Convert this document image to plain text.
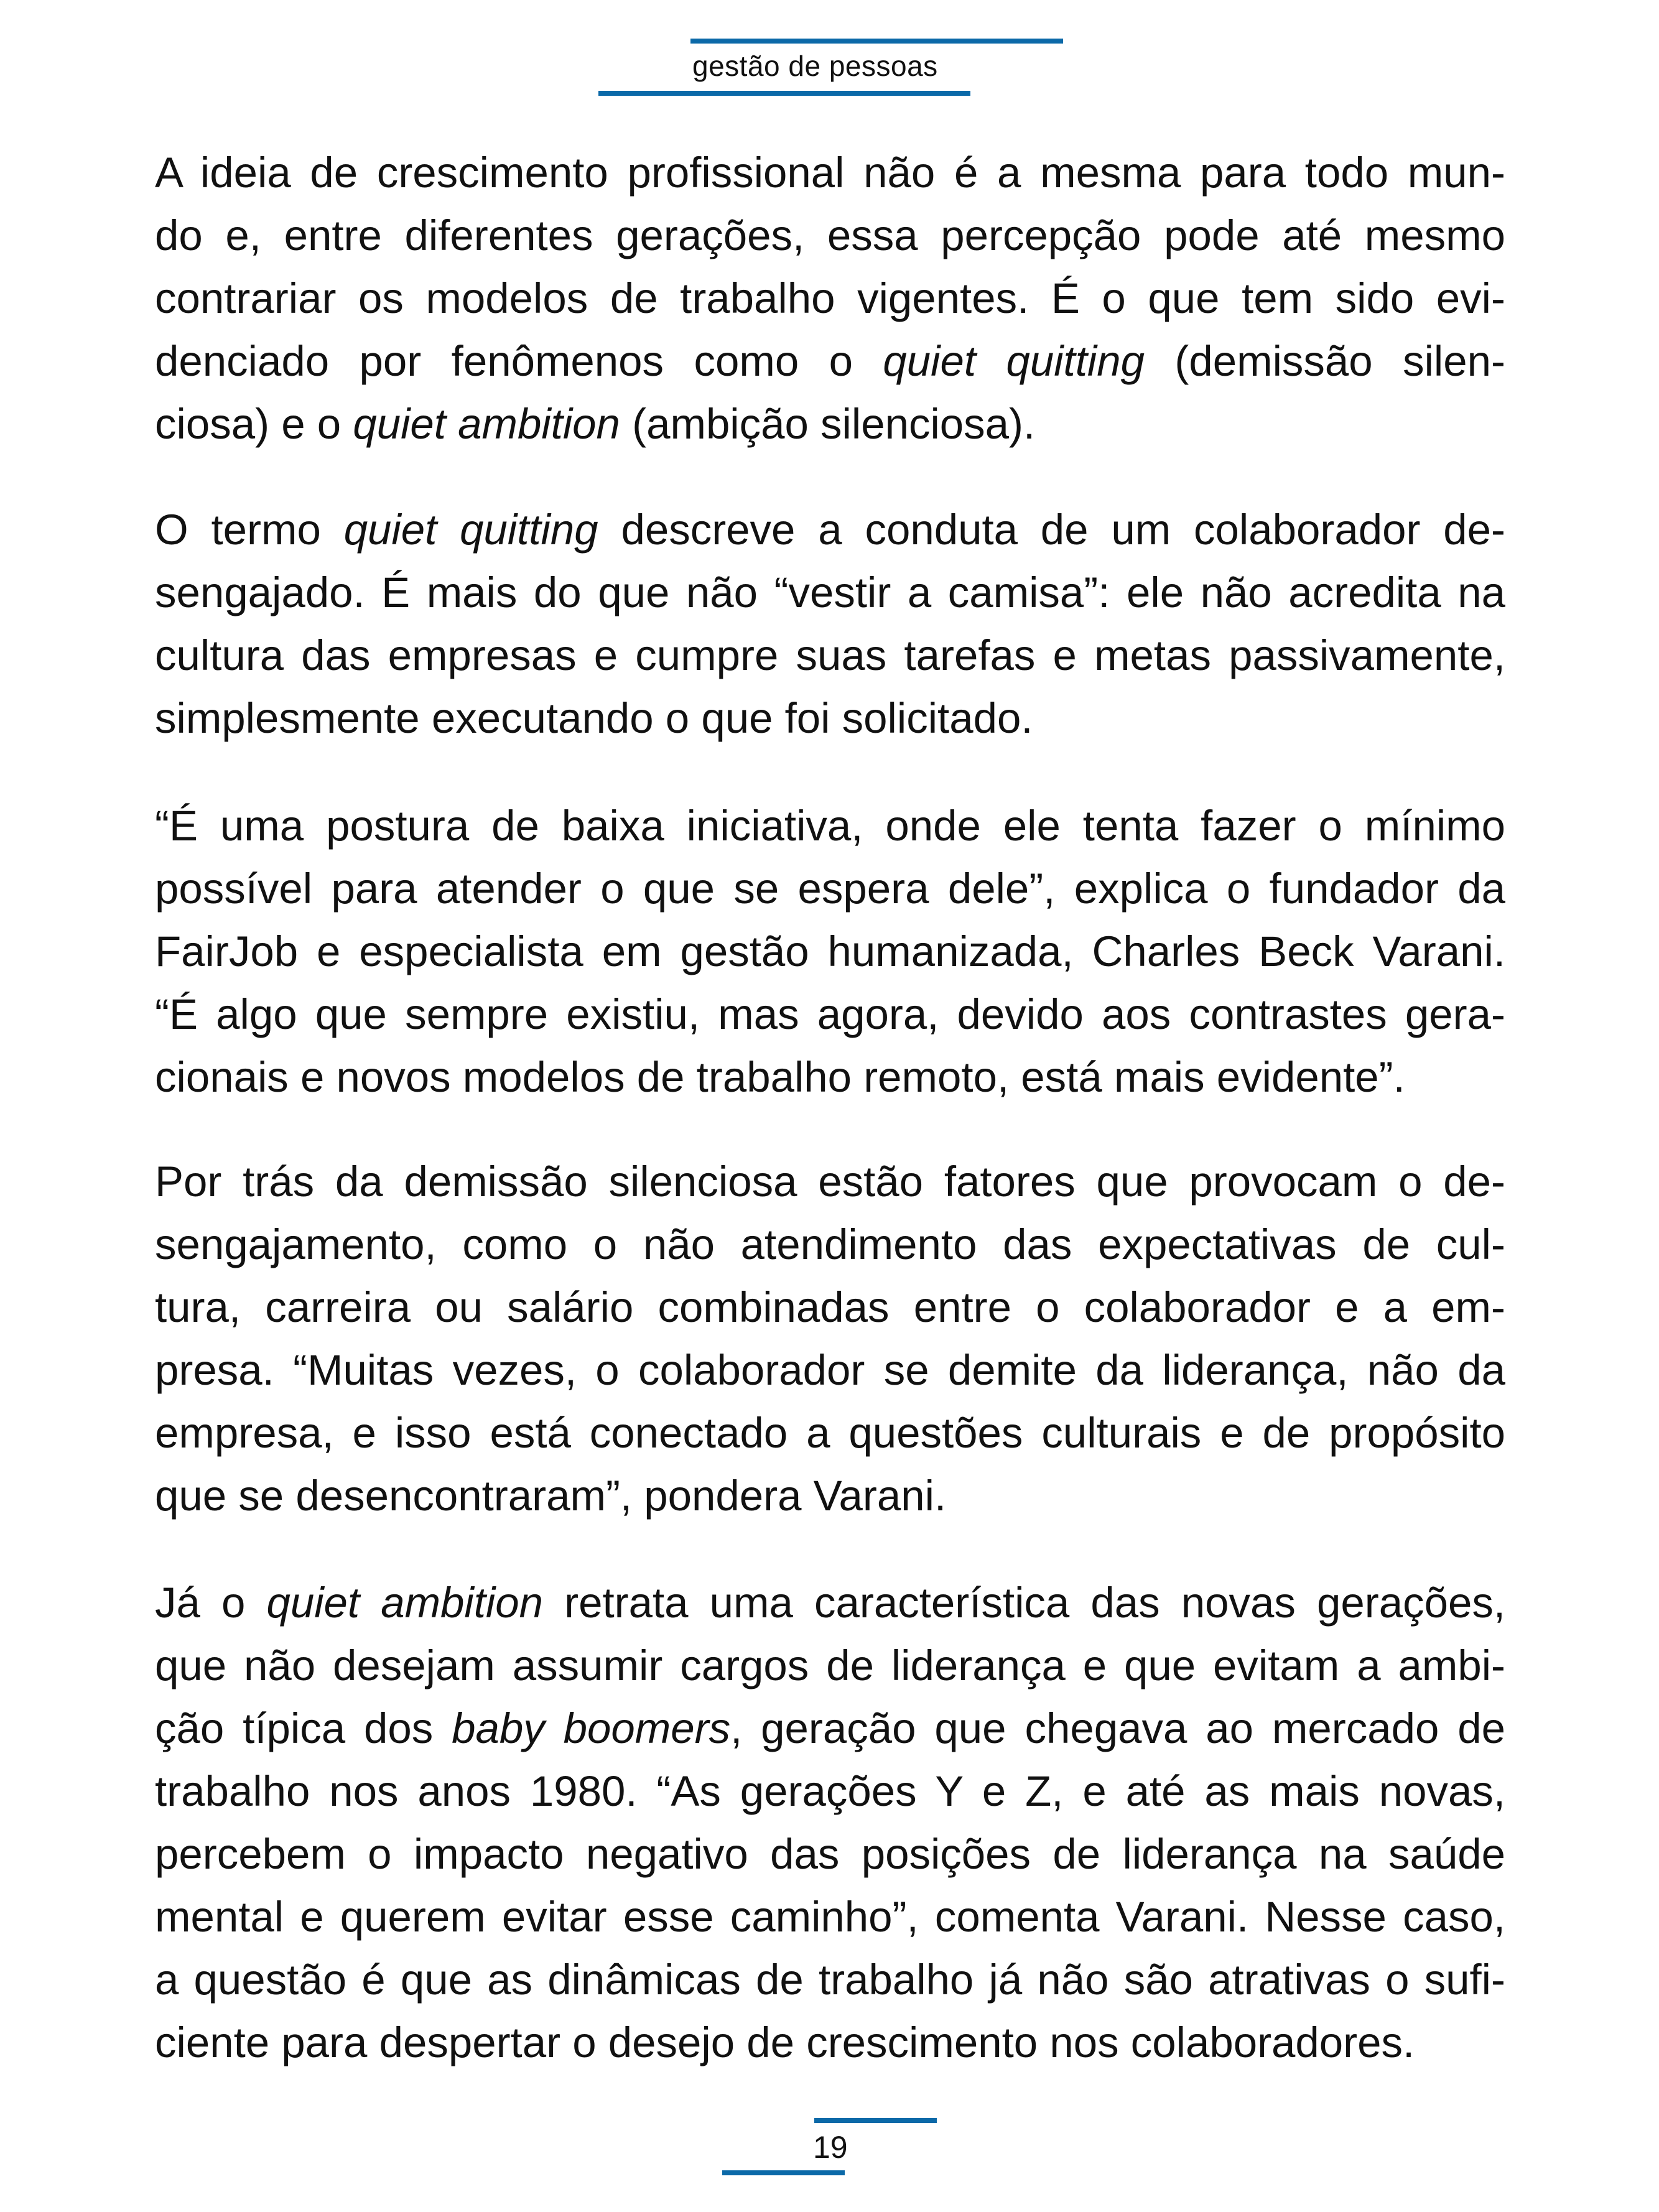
gestão de pessoas
A ideia de crescimento profissional não é a mesma para todo mun-
do e, entre diferentes gerações, essa percepção pode até mesmo
contrariar os modelos de trabalho vigentes. É o que tem sido evi-
denciado por fenômenos como o quiet quitting (demissão silen-
ciosa) e o quiet ambition (ambição silenciosa).
O termo quiet quitting descreve a conduta de um colaborador de-
sengajado. É mais do que não “vestir a camisa”: ele não acredita na
cultura das empresas e cumpre suas tarefas e metas passivamente,
simplesmente executando o que foi solicitado.
“É uma postura de baixa iniciativa, onde ele tenta fazer o mínimo
possível para atender o que se espera dele”, explica o fundador da
FairJob e especialista em gestão humanizada, Charles Beck Varani.
“É algo que sempre existiu, mas agora, devido aos contrastes gera-
cionais e novos modelos de trabalho remoto, está mais evidente”.
Por trás da demissão silenciosa estão fatores que provocam o de-
sengajamento, como o não atendimento das expectativas de cul-
tura, carreira ou salário combinadas entre o colaborador e a em-
presa. “Muitas vezes, o colaborador se demite da liderança, não da
empresa, e isso está conectado a questões culturais e de propósito
que se desencontraram”, pondera Varani.
Já o quiet ambition retrata uma característica das novas gerações,
que não desejam assumir cargos de liderança e que evitam a ambi-
ção típica dos baby boomers, geração que chegava ao mercado de
trabalho nos anos 1980. “As gerações Y e Z, e até as mais novas,
percebem o impacto negativo das posições de liderança na saúde
mental e querem evitar esse caminho”, comenta Varani. Nesse caso,
a questão é que as dinâmicas de trabalho já não são atrativas o sufi-
ciente para despertar o desejo de crescimento nos colaboradores.
19
